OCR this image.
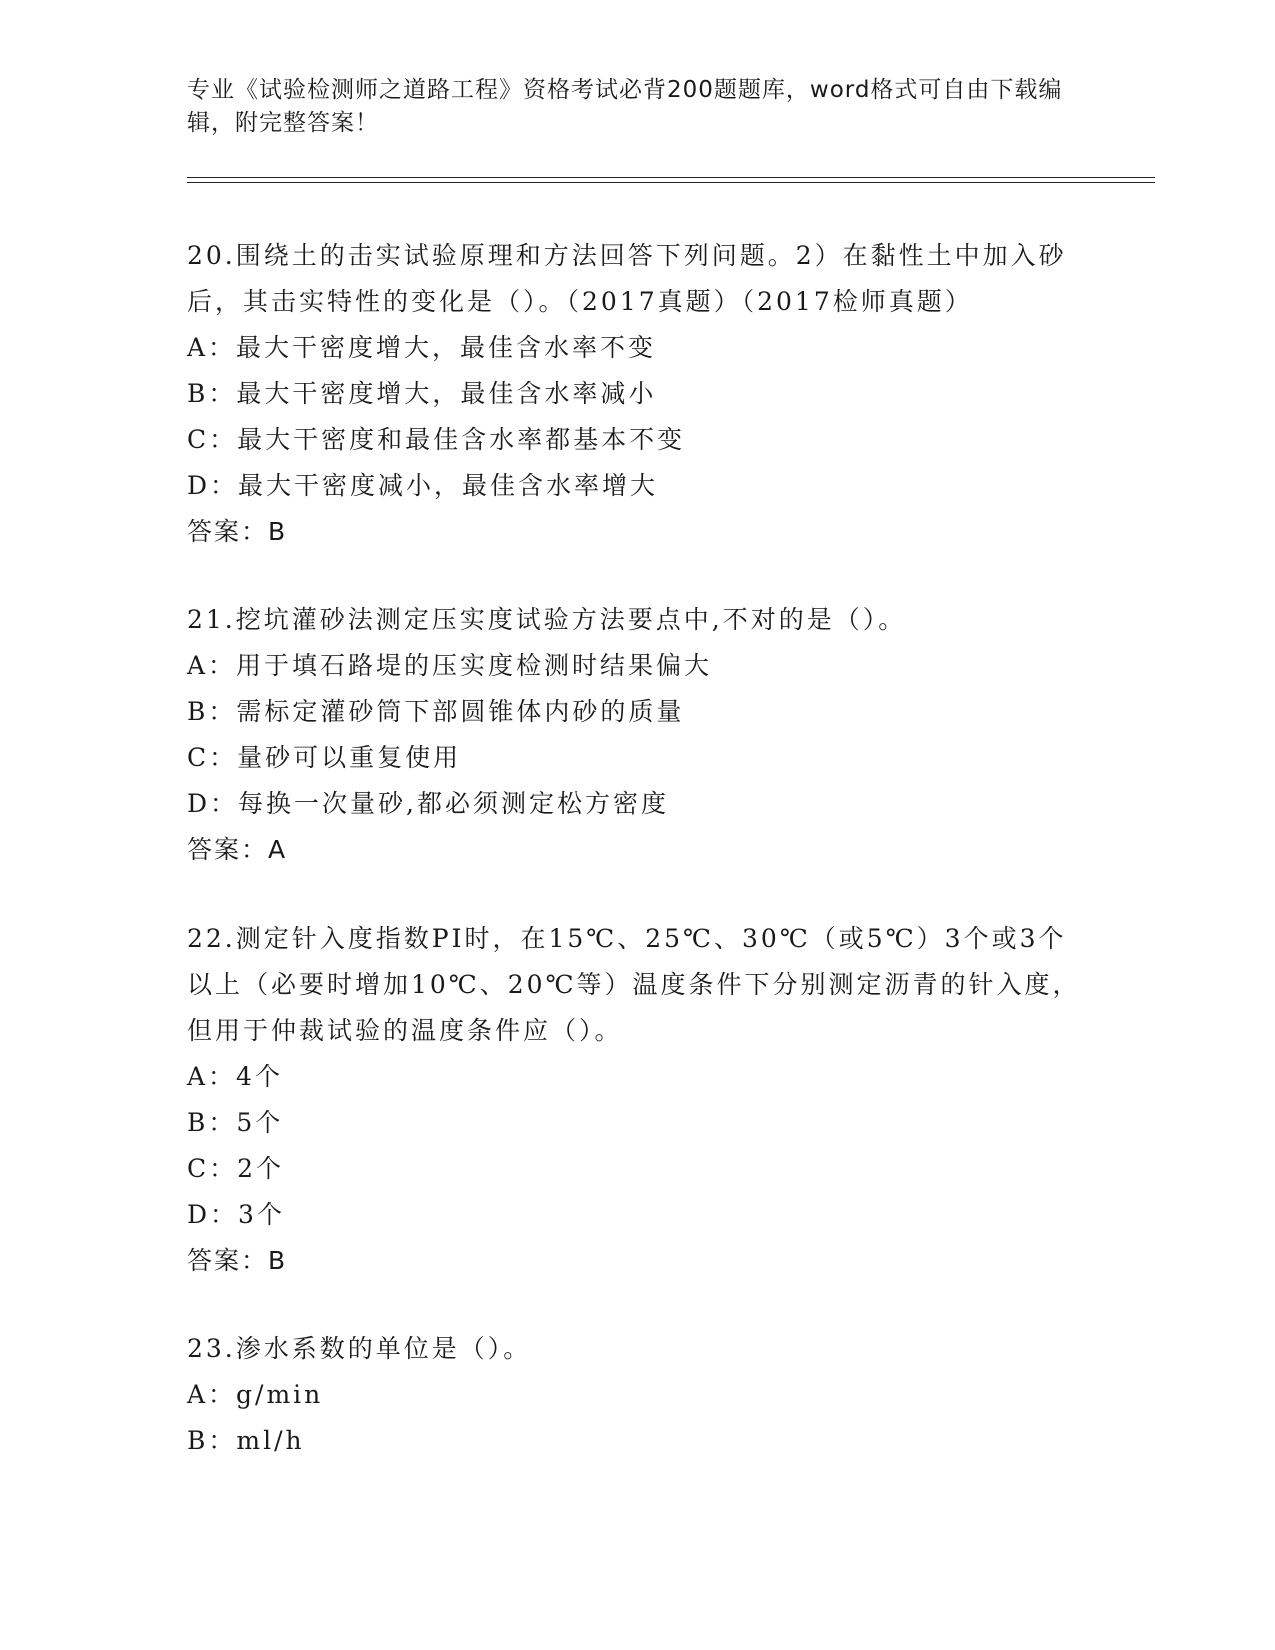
专业《试验检测师之道路工程》资格考试必背200题题库，word格式可自由下载编辑，附完整答案！
20.围绕土的击实试验原理和方法回答下列问题。2）在黏性土中加入砂后，其击实特性的变化是（）。（2017真题）（2017检师真题）
A：最大干密度增大，最佳含水率不变
B：最大干密度增大，最佳含水率减小
C：最大干密度和最佳含水率都基本不变
D：最大干密度减小，最佳含水率增大
答案：B
21.挖坑灌砂法测定压实度试验方法要点中,不对的是（）。
A：用于填石路堤的压实度检测时结果偏大
B：需标定灌砂筒下部圆锥体内砂的质量
C：量砂可以重复使用
D：每换一次量砂,都必须测定松方密度
答案：A
22.测定针入度指数PI时，在15℃、25℃、30℃（或5℃）3个或3个以上（必要时增加10℃、20℃等）温度条件下分别测定沥青的针入度，但用于仲裁试验的温度条件应（）。
A：4个
B：5个
C：2个
D：3个
答案：B
23.渗水系数的单位是（）。
A：g/min
B：ml/h
